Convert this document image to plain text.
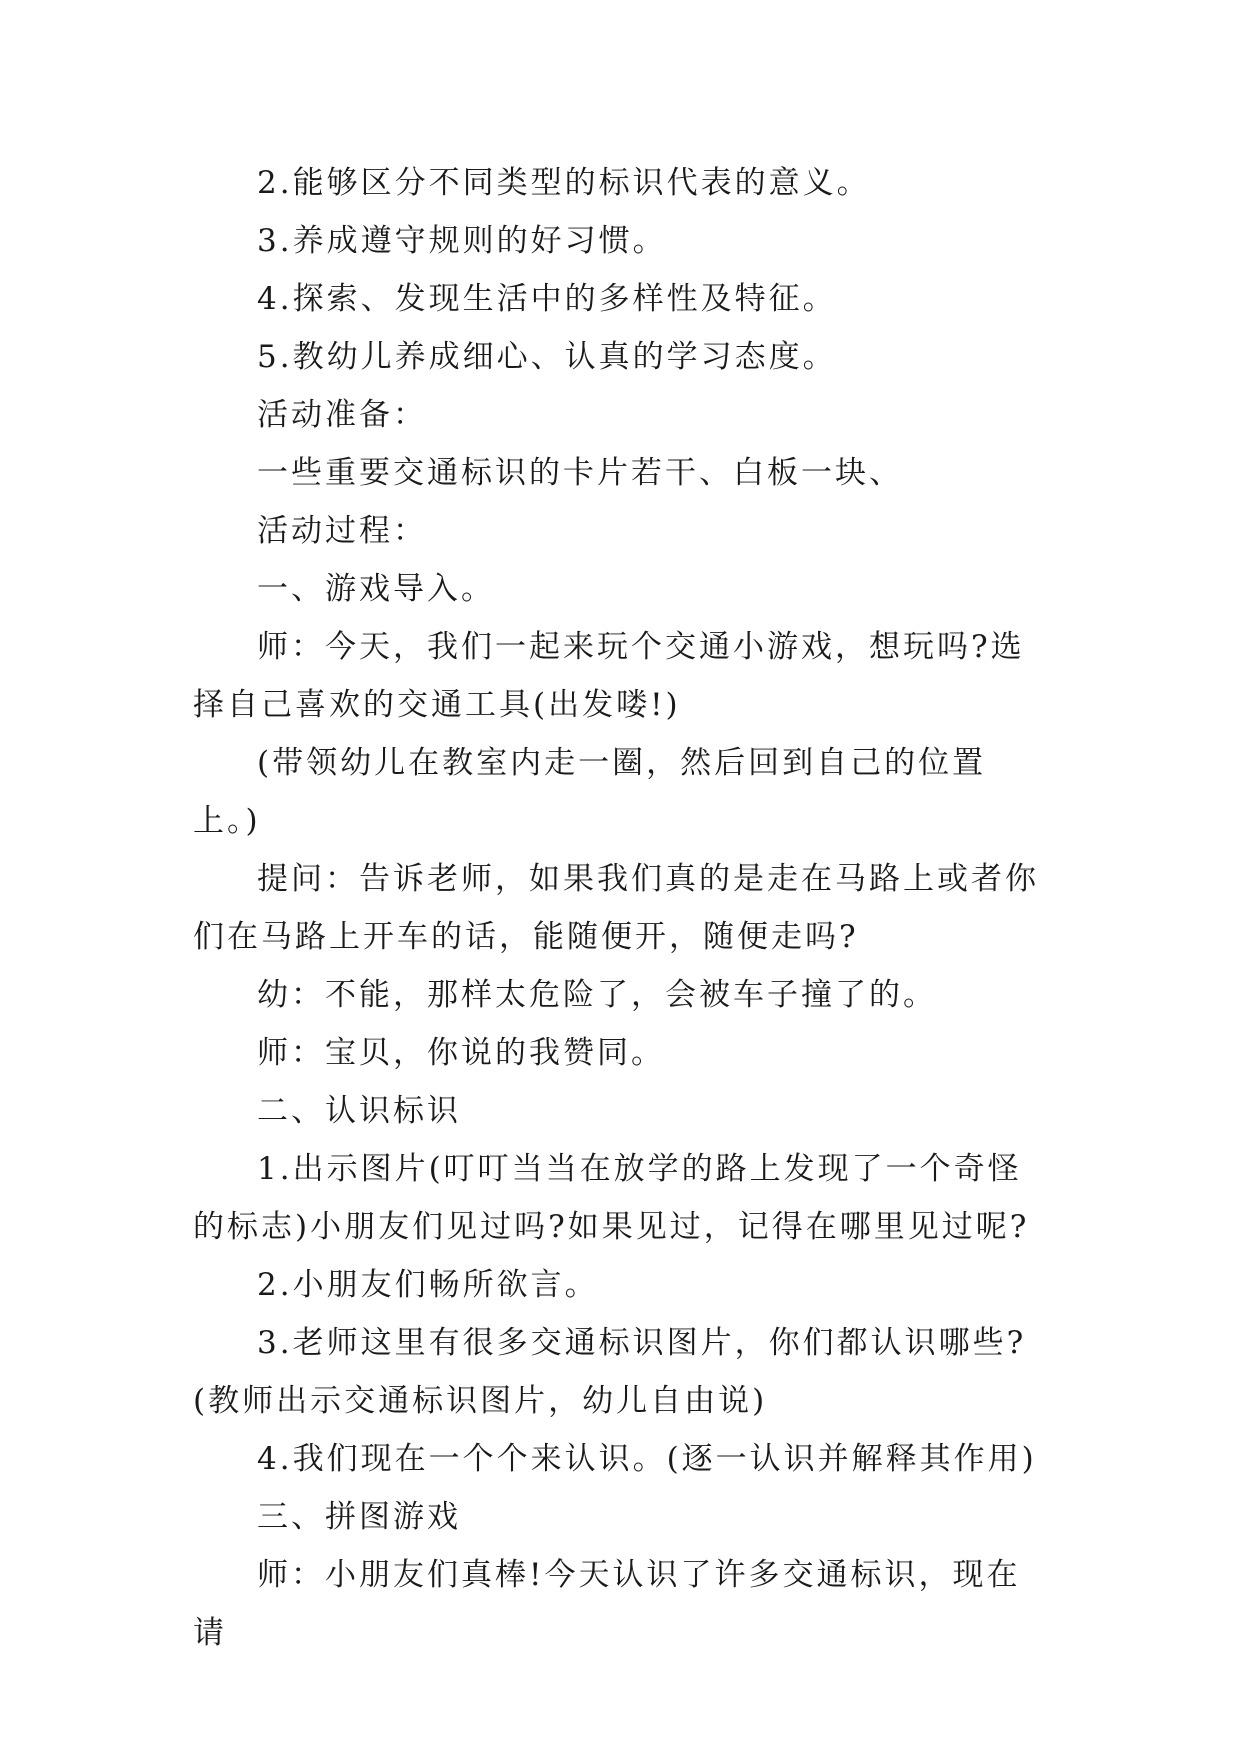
2.能够区分不同类型的标识代表的意义。

3.养成遵守规则的好习惯。

4.探索、发现生活中的多样性及特征。

5.教幼儿养成细心、认真的学习态度。

活动准备：

一些重要交通标识的卡片若干、白板一块、

活动过程：

一、游戏导入。

师：今天，我们一起来玩个交通小游戏，想玩吗?选择自己喜欢的交通工具(出发喽!)

(带领幼儿在教室内走一圈，然后回到自己的位置上。)

提问：告诉老师，如果我们真的是走在马路上或者你们在马路上开车的话，能随便开，随便走吗?

幼：不能，那样太危险了，会被车子撞了的。

师：宝贝，你说的我赞同。

二、认识标识

1.出示图片(叮叮当当在放学的路上发现了一个奇怪的标志)小朋友们见过吗?如果见过，记得在哪里见过呢?

2.小朋友们畅所欲言。

3.老师这里有很多交通标识图片，你们都认识哪些?(教师出示交通标识图片，幼儿自由说)

4.我们现在一个个来认识。(逐一认识并解释其作用)

三、拼图游戏

师：小朋友们真棒!今天认识了许多交通标识，现在请
